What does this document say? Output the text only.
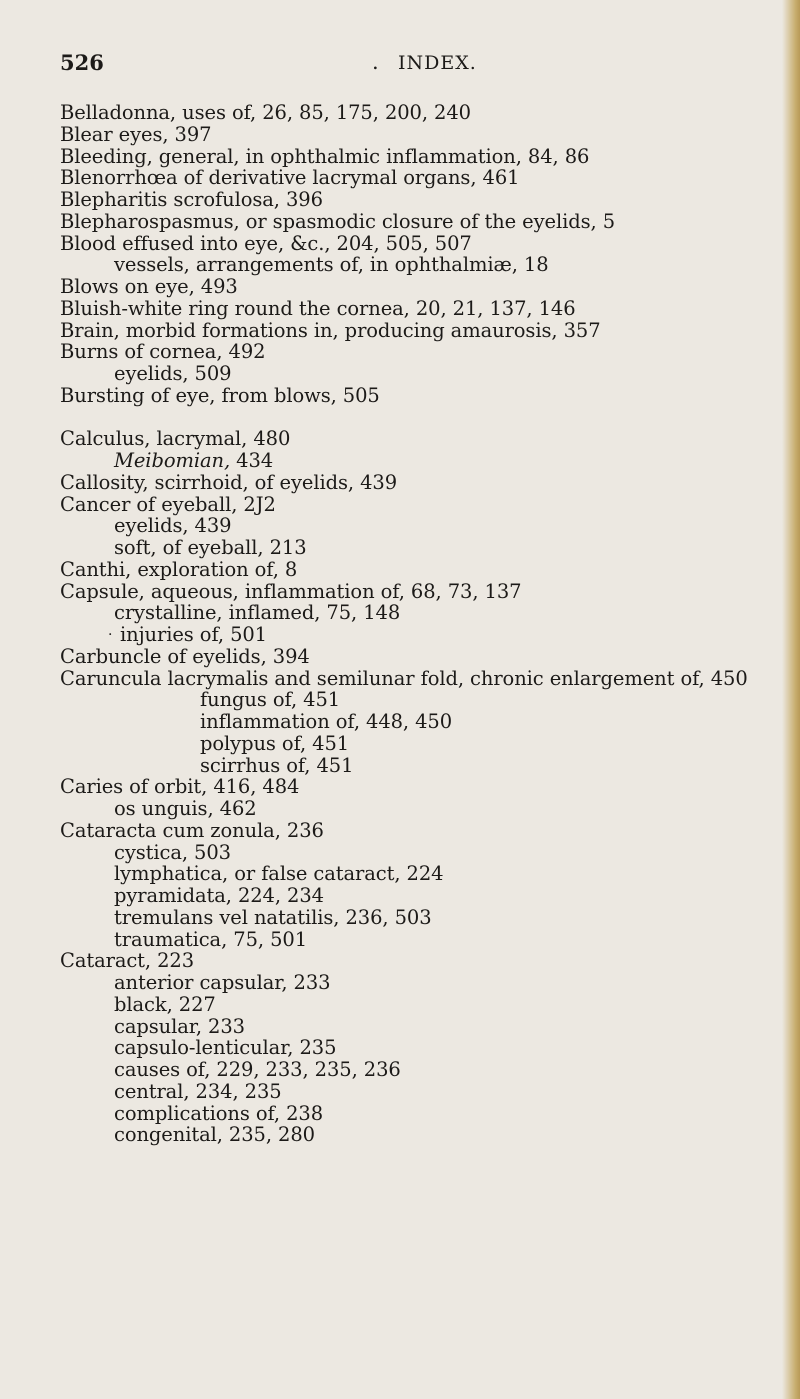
526	. INDEX.
Belladonna, uses of, 26, 85, 175, 200, 240
Blear eyes, 397
Bleeding, general, in ophthalmic inflammation, 84, 86
Blenorrhœa of derivative lacrymal organs, 461
Blepharitis scrofulosa, 396
Blepharospasmus, or spasmodic closure of the eyelids, 5
Blood effused into eye, &c., 204, 505, 507
vessels, arrangements of, in ophthalmiæ, 18
Blows on eye, 493
Bluish-white ring round the cornea, 20, 21, 137, 146
Brain, morbid formations in, producing amaurosis, 357
Burns of cornea, 492
eyelids, 509
Bursting of eye, from blows, 505
Calculus, lacrymal, 480
Meibomian, 434
Callosity, scirrhoid, of eyelids, 439
Cancer of eyeball, 2J2
eyelids, 439
soft, of eyeball, 213
Canthi, exploration of, 8
Capsule, aqueous, inflammation of, 68, 73, 137
crystalline, inflamed, 75, 148
· injuries of, 501
Carbuncle of eyelids, 394
Caruncula lacrymalis and semilunar fold, chronic enlargement of, 450
fungus of, 451
inflammation of, 448, 450
polypus of, 451
scirrhus of, 451
Caries of orbit, 416, 484
os unguis, 462
Cataracta cum zonula, 236
cystica, 503
lymphatica, or false cataract, 224
pyramidata, 224, 234
tremulans vel natatilis, 236, 503
traumatica, 75, 501
Cataract, 223
anterior capsular, 233
black, 227
capsular, 233
capsulo-lenticular, 235
causes of, 229, 233, 235, 236
central, 234, 235
complications of, 238
congenital, 235, 280
